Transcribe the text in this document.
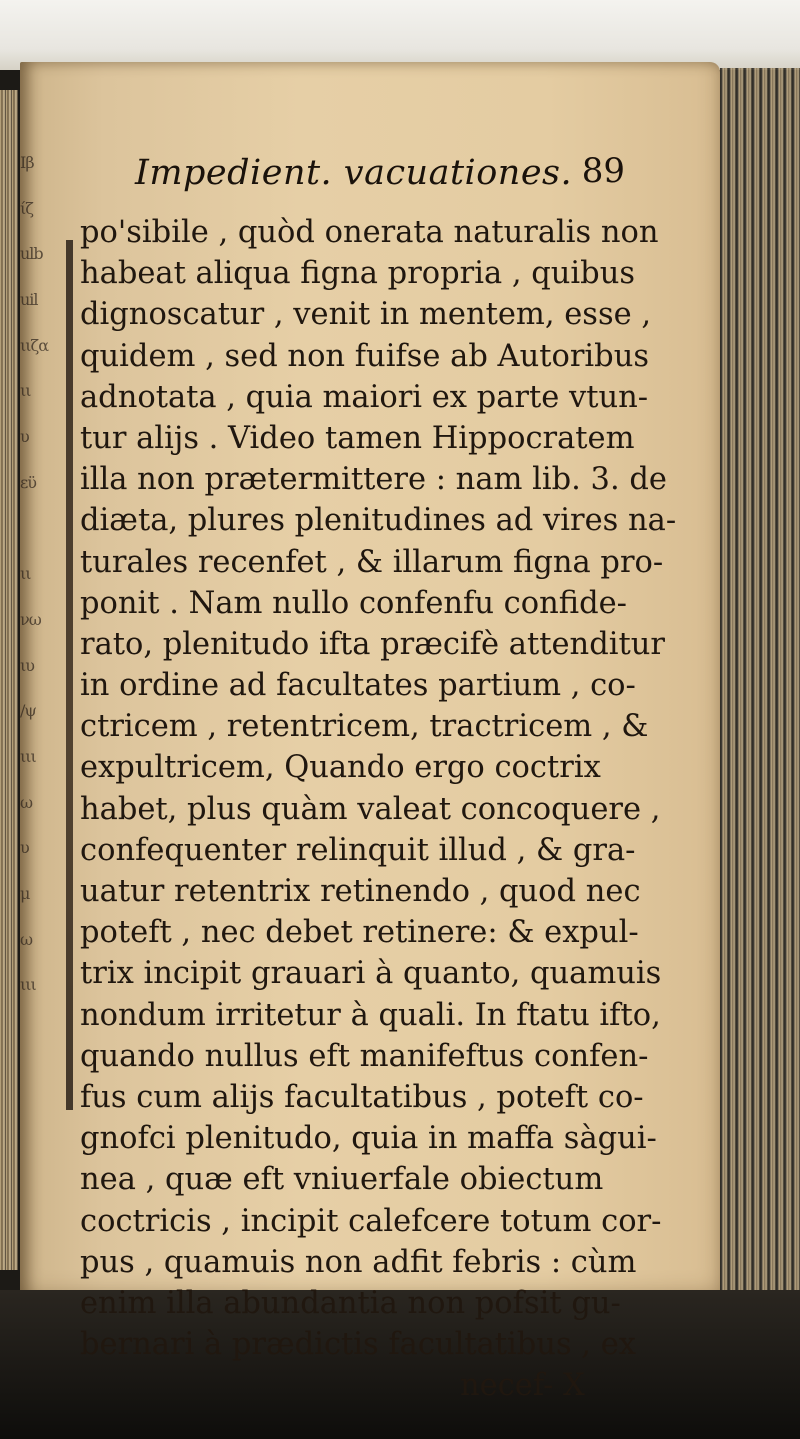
Ιβ
ίζ
ulb
uil
ιιζα
ιι
υ
εϋ
ιι
νω
ιυ
/ψ
ιιι
ω
υ
μ
ω
ιιι
Impedient. vacuationes. 89
po'sibile , quòd onerata naturalis non
habeat aliqua figna propria , quibus
dignoscatur , venit in mentem, esse ,
quidem , sed non fuifse ab Autoribus
adnotata , quia maiori ex parte vtun-
tur alijs . Video tamen Hippocratem
illa non prætermittere : nam lib. 3. de
diæta, plures plenitudines ad vires na-
turales recenfet , & illarum figna pro-
ponit . Nam nullo confenfu confide-
rato, plenitudo ifta præcifè attenditur
in ordine ad facultates partium , co-
ctricem , retentricem, tractricem , &
expultricem, Quando ergo coctrix
habet, plus quàm valeat concoquere ,
confequenter relinquit illud , & gra-
uatur retentrix retinendo , quod nec
poteft , nec debet retinere: & expul-
trix incipit grauari à quanto, quamuis
nondum irritetur à quali. In ftatu ifto,
quando nullus eft manifeftus confen-
fus cum alijs facultatibus , poteft co-
gnofci plenitudo, quia in maffa sàgui-
nea , quæ eft vniuerfale obiectum
coctricis , incipit calefcere totum cor-
pus , quamuis non adfit febris : cùm
enim illa abundantia non pofsit gu-
bernari à prædictis facultatibus , ex
necef- X
